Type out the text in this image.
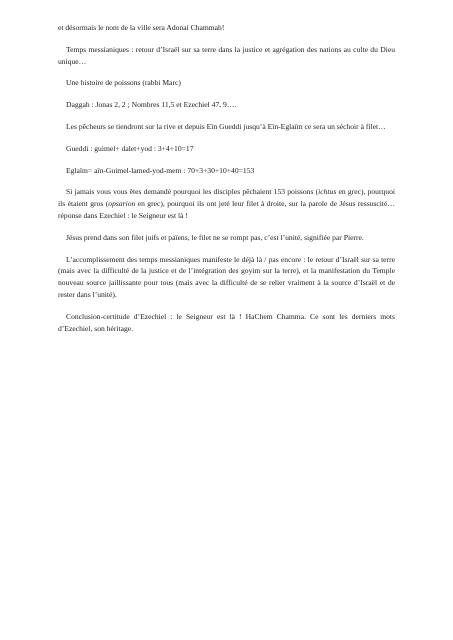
et désormais le nom de la ville sera Adonai Chammah!

Temps messianiques : retour d’Israël sur sa terre dans la justice et agrégation des nations au culte du Dieu unique…

Une histoire de poissons (rabbi Marc)

Daggah : Jonas 2, 2 ; Nombres 11,5 et Ezechiel 47, 9….

Les pêcheurs se tiendront sur la rive et depuis Eïn Gueddi jusqu’à Eïn-Eglaïm ce sera un séchoir à filet…

Gueddi : guimel+ dalet+yod : 3+4+10=17

Eglaïm= aïn-Guimel-lamed-yod-mem : 70+3+30+10+40=153

Si jamais vous vous êtes demandé pourquoi les disciples pêchaient 153 poissons (ichtus en grec), pourquoi ils étaient gros (opsarion en grec), pourquoi ils ont jeté leur filet à droite, sur la parole de Jésus ressuscité… réponse dans Ezechiel : le Seigneur est là !

Jésus prend dans son filet juifs et païens, le filet ne se rompt pas, c’est l’unité, signifiée par Pierre.

L’accomplissement des temps messianiques manifeste le déjà là / pas encore : le retour d’Israël sur sa terre (mais avec la difficulté de la justice et de l’intégration des goyim sur la terre), et la manifestation du Temple nouveau source jaillissante pour tous (mais avec la difficulté de se relier vraiment à la source d’Israël et de rester dans l’unité).

Conclusion-certitude d’Ezechiel : le Seigneur est là ! HaChem Chamma. Ce sont les derniers mots d’Ezechiel, son héritage.
